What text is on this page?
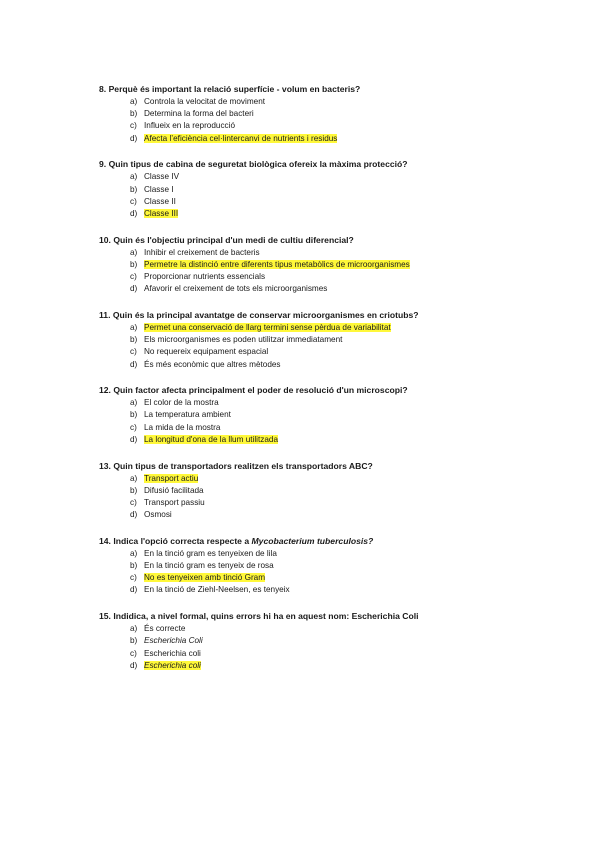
8. Perquè és important la relació superfície - volum en bacteris?
a) Controla la velocitat de moviment
b) Determina la forma del bacteri
c) Influeix en la reproducció
d) Afecta l’eficiència cel·lintercanvi de nutrients i residus
9. Quin tipus de cabina de seguretat biològica ofereix la màxima protecció?
a) Classe IV
b) Classe I
c) Classe II
d) Classe III
10. Quin és l'objectiu principal d'un medi de cultiu diferencial?
a) Inhibir el creixement de bacteris
b) Permetre la distinció entre diferents tipus metabòlics de microorganismes
c) Proporcionar nutrients essencials
d) Afavorir el creixement de tots els microorganismes
11. Quin és la principal avantatge de conservar microorganismes en criotubs?
a) Permet una conservació de llarg termini sense pèrdua de variabilitat
b) Els microorganismes es poden utilitzar immediatament
c) No requereix equipament espacial
d) És més econòmic que altres mètodes
12. Quin factor afecta principalment el poder de resolució d'un microscopi?
a) El color de la mostra
b) La temperatura ambient
c) La mida de la mostra
d) La longitud d'ona de la llum utilitzada
13. Quin tipus de transportadors realitzen els transportadors ABC?
a) Transport actiu
b) Difusió facilitada
c) Transport passiu
d) Osmosi
14. Indica l'opció correcta respecte a Mycobacterium tuberculosis?
a) En la tinció gram es tenyeixen de lila
b) En la tinció gram es tenyeix de rosa
c) No es tenyeixen amb tinció Gram
d) En la tinció de Ziehl-Neelsen, es tenyeix
15. Indidica, a nivel formal, quins errors hi ha en aquest nom: Escherichia Coli
a) És correcte
b) Escherichia Coli
c) Escherichia coli
d) Escherichia coli
